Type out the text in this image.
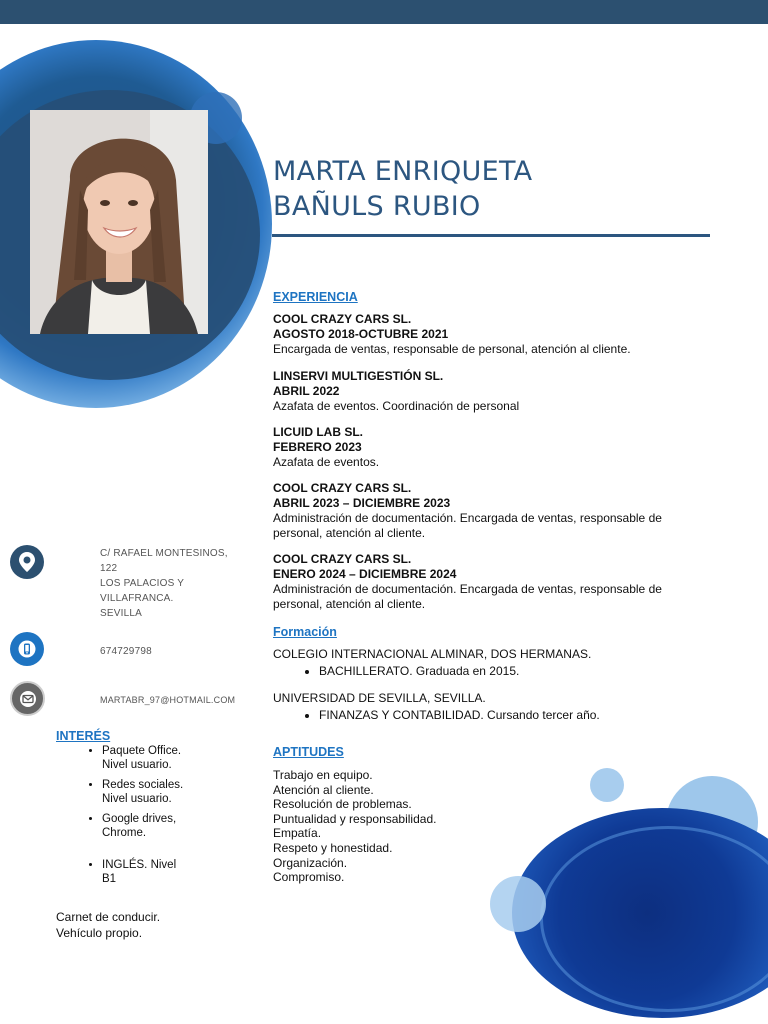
MARTA ENRIQUETA
BAÑULS RUBIO
EXPERIENCIA
COOL CRAZY CARS SL.
AGOSTO 2018-OCTUBRE 2021
Encargada de ventas, responsable de personal, atención al cliente.
LINSERVI MULTIGESTIÓN SL.
ABRIL 2022
Azafata de eventos. Coordinación de personal
LICUID LAB SL.
FEBRERO 2023
Azafata de eventos.
COOL CRAZY CARS SL.
ABRIL 2023 – DICIEMBRE 2023
Administración de documentación. Encargada de ventas, responsable de personal, atención al cliente.
COOL CRAZY CARS SL.
ENERO 2024 – DICIEMBRE 2024
Administración de documentación. Encargada de ventas, responsable de personal, atención al cliente.
Formación
COLEGIO INTERNACIONAL ALMINAR, DOS HERMANAS.
• BACHILLERATO. Graduada en 2015.
UNIVERSIDAD DE SEVILLA, SEVILLA.
• FINANZAS Y CONTABILIDAD. Cursando tercer año.
APTITUDES
Trabajo en equipo.
Atención al cliente.
Resolución de problemas.
Puntualidad y responsabilidad.
Empatía.
Respeto y honestidad.
Organización.
Compromiso.
C/ RAFAEL MONTESINOS,
122
LOS PALACIOS Y
VILLAFRANCA.
SEVILLA
674729798
MARTABR_97@HOTMAIL.COM
INTERÉS
• Paquete Office.
Nivel usuario.
• Redes sociales.
Nivel usuario.
• Google drives,
Chrome.
• INGLÉS. Nivel
B1
Carnet de conducir.
Vehículo propio.
